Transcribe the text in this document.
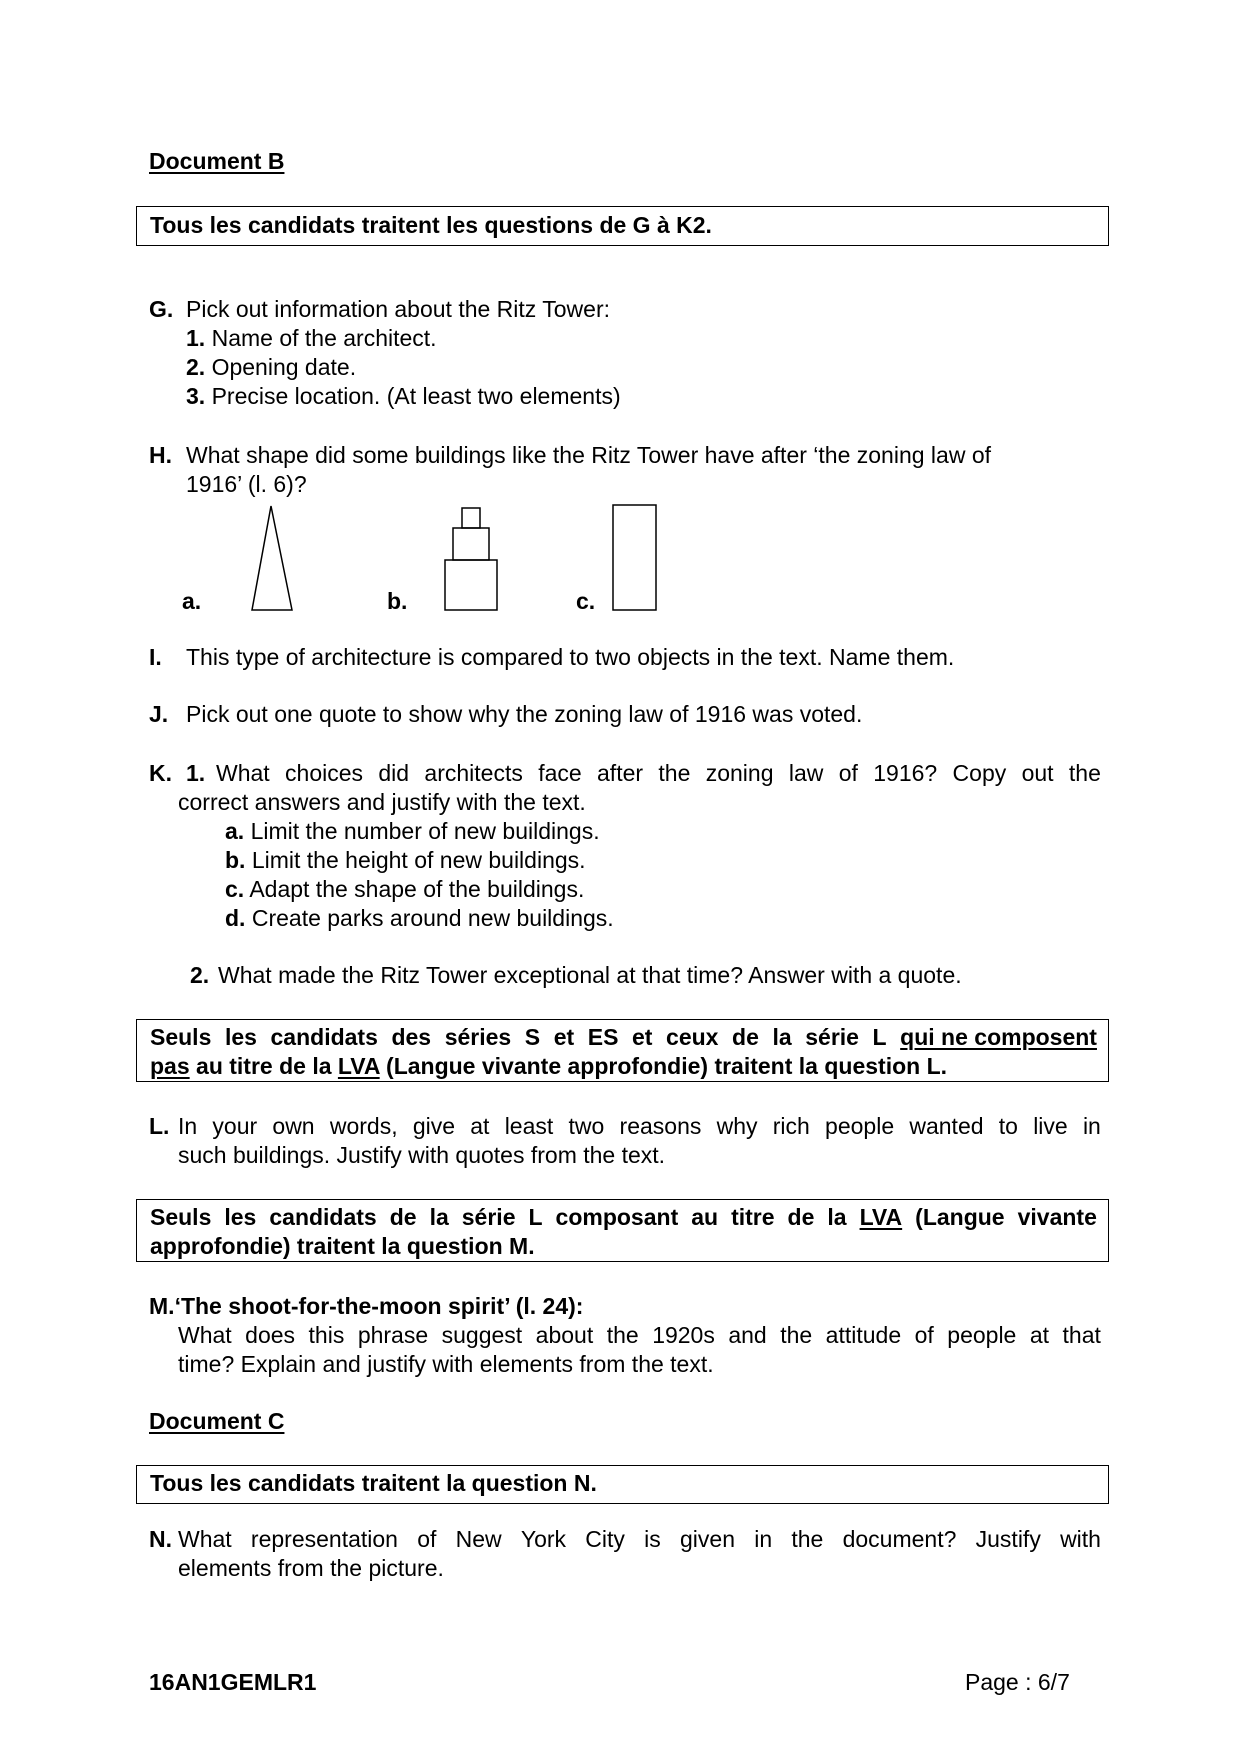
Document B
Tous les candidats traitent les questions de G à K2.
G. Pick out information about the Ritz Tower:
1. Name of the architect.
2. Opening date.
3. Precise location. (At least two elements)
H. What shape did some buildings like the Ritz Tower have after ‘the zoning law of
1916’ (l. 6)?
a.	b.	c.
I. This type of architecture is compared to two objects in the text. Name them.
J. Pick out one quote to show why the zoning law of 1916 was voted.
K. 1. What choices did architects face after the zoning law of 1916? Copy out the
correct answers and justify with the text.
a. Limit the number of new buildings.
b. Limit the height of new buildings.
c. Adapt the shape of the buildings.
d. Create parks around new buildings.
2. What made the Ritz Tower exceptional at that time? Answer with a quote.
Seuls les candidats des séries S et ES et ceux de la série L qui ne composent
pas au titre de la LVA (Langue vivante approfondie) traitent la question L.
L. In your own words, give at least two reasons why rich people wanted to live in
such buildings. Justify with quotes from the text.
Seuls les candidats de la série L composant au titre de la LVA (Langue vivante
approfondie) traitent la question M.
M.‘The shoot-for-the-moon spirit’ (l. 24):
What does this phrase suggest about the 1920s and the attitude of people at that
time? Explain and justify with elements from the text.
Document C
Tous les candidats traitent la question N.
N. What representation of New York City is given in the document? Justify with
elements from the picture.
16AN1GEMLR1	Page : 6/7
